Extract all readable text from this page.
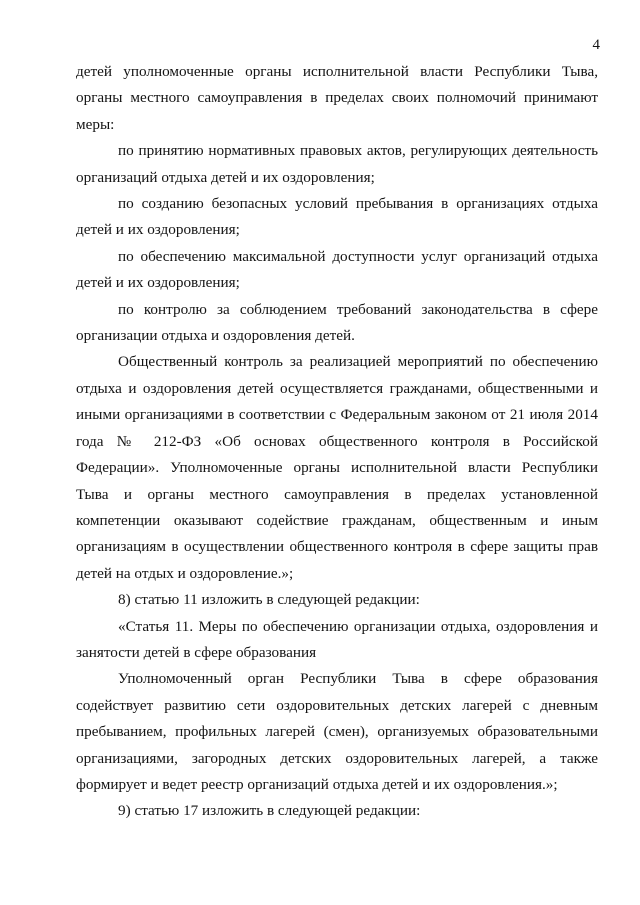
4

детей уполномоченные органы исполнительной власти Республики Тыва, органы местного самоуправления в пределах своих полномочий принимают меры:

по принятию нормативных правовых актов, регулирующих деятельность организаций отдыха детей и их оздоровления;

по созданию безопасных условий пребывания в организациях отдыха детей и их оздоровления;

по обеспечению максимальной доступности услуг организаций отдыха детей и их оздоровления;

по контролю за соблюдением требований законодательства в сфере организации отдыха и оздоровления детей.

Общественный контроль за реализацией мероприятий по обеспечению отдыха и оздоровления детей осуществляется гражданами, общественными и иными организациями в соответствии с Федеральным законом от 21 июля 2014 года № 212-ФЗ «Об основах общественного контроля в Российской Федерации». Уполномоченные органы исполнительной власти Республики Тыва и органы местного самоуправления в пределах установленной компетенции оказывают содействие гражданам, общественным и иным организациям в осуществлении общественного контроля в сфере защиты прав детей на отдых и оздоровление.»;

8) статью 11 изложить в следующей редакции:

«Статья 11. Меры по обеспечению организации отдыха, оздоровления и занятости детей в сфере образования

Уполномоченный орган Республики Тыва в сфере образования содействует развитию сети оздоровительных детских лагерей с дневным пребыванием, профильных лагерей (смен), организуемых образовательными организациями, загородных детских оздоровительных лагерей, а также формирует и ведет реестр организаций отдыха детей и их оздоровления.»;

9) статью 17 изложить в следующей редакции:
